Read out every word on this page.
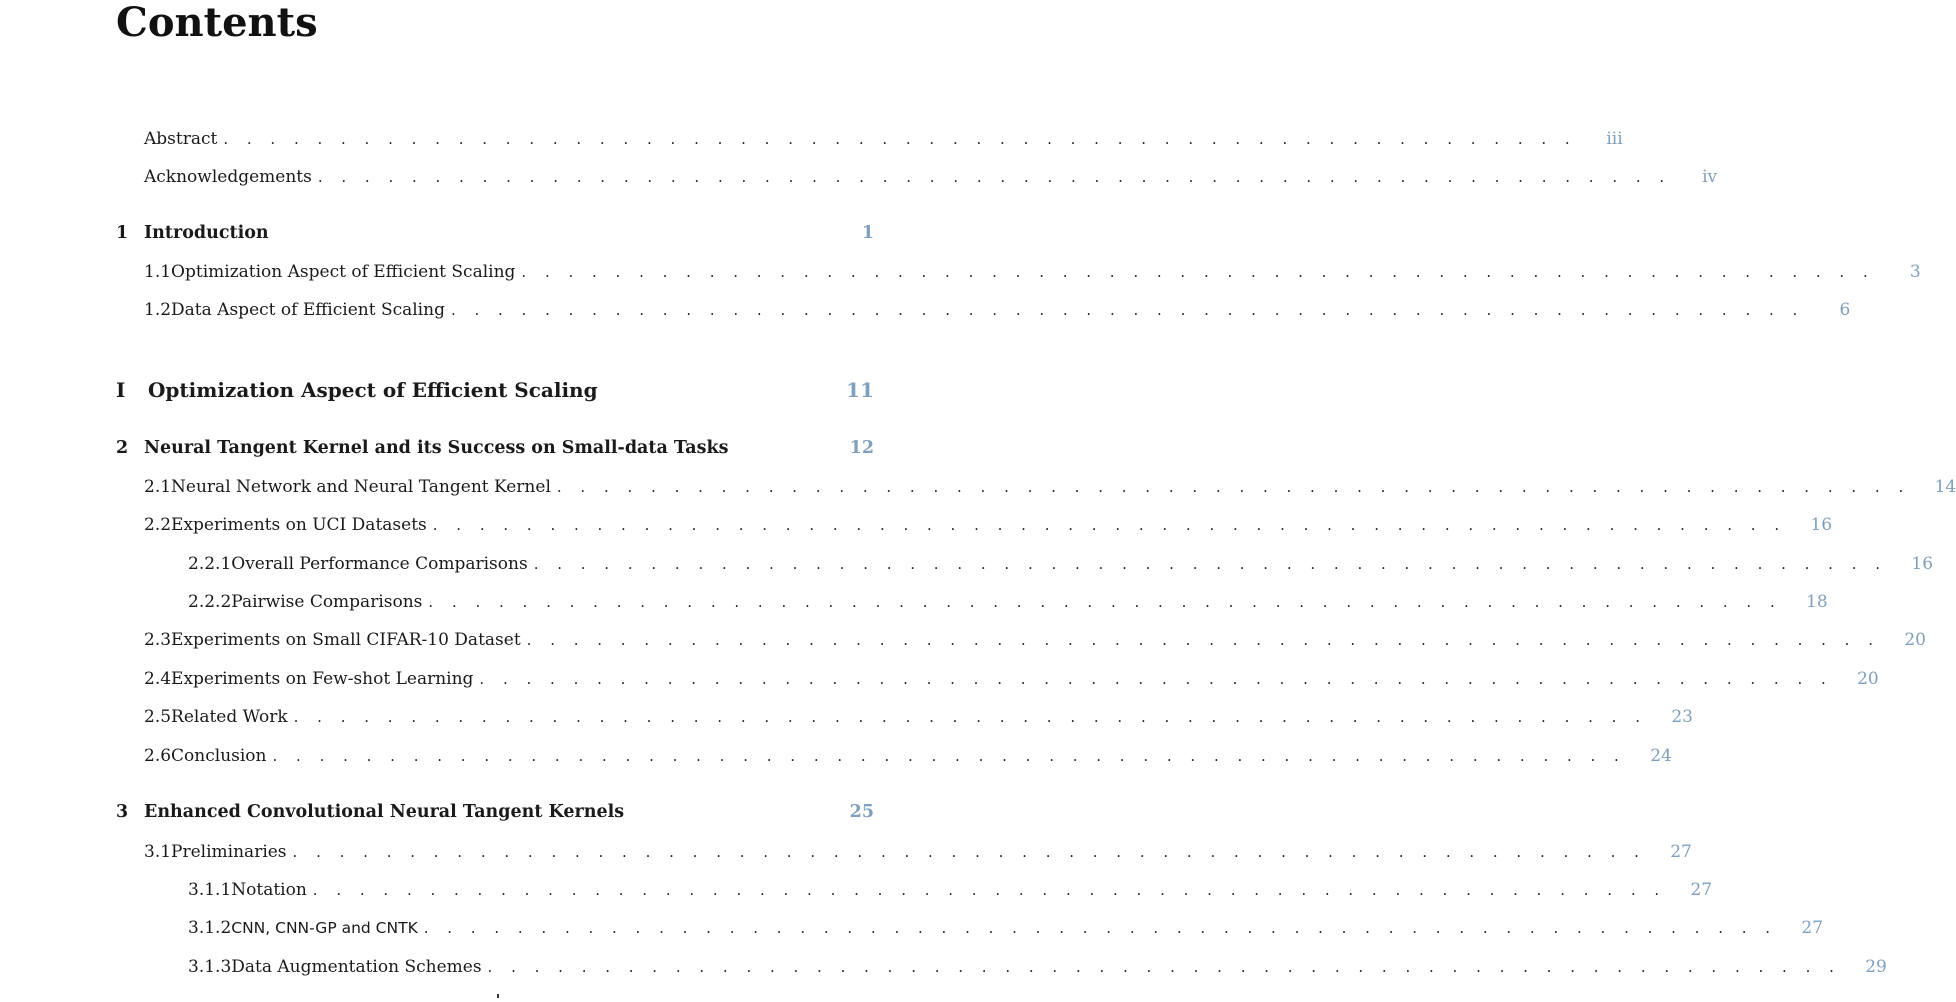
Contents
Abstract . . . . . . . . . . . . . . . . . . . . . . . . . . . . . . . . . . . . . . . . . . . . . . . . . . . . . . . . . .	iii
Acknowledgements . . . . . . . . . . . . . . . . . . . . . . . . . . . . . . . . . . . . . . . . . . . . . . . . . . . . . . . . . .	iv
1 Introduction	1
1.1 Optimization Aspect of Efficient Scaling . . . . . . . . . . . . . . . . . . . . . . . . . . . . . . . . . . . . . . . . . . . . . . . . . . . . . . . . . .	3
1.2 Data Aspect of Efficient Scaling . . . . . . . . . . . . . . . . . . . . . . . . . . . . . . . . . . . . . . . . . . . . . . . . . . . . . . . . . .	6
I	Optimization Aspect of Efficient Scaling	11
2 Neural Tangent Kernel and its Success on Small-data Tasks	12
2.1 Neural Network and Neural Tangent Kernel . . . . . . . . . . . . . . . . . . . . . . . . . . . . . . . . . . . . . . . . . . . . . . . . . . . . . . . . . .	14
2.2 Experiments on UCI Datasets . . . . . . . . . . . . . . . . . . . . . . . . . . . . . . . . . . . . . . . . . . . . . . . . . . . . . . . . . .	16
2.2.1 Overall Performance Comparisons . . . . . . . . . . . . . . . . . . . . . . . . . . . . . . . . . . . . . . . . . . . . . . . . . . . . . . . . . .	16
2.2.2 Pairwise Comparisons . . . . . . . . . . . . . . . . . . . . . . . . . . . . . . . . . . . . . . . . . . . . . . . . . . . . . . . . . .	18
2.3 Experiments on Small CIFAR-10 Dataset . . . . . . . . . . . . . . . . . . . . . . . . . . . . . . . . . . . . . . . . . . . . . . . . . . . . . . . . . .	20
2.4 Experiments on Few-shot Learning . . . . . . . . . . . . . . . . . . . . . . . . . . . . . . . . . . . . . . . . . . . . . . . . . . . . . . . . . .	20
2.5 Related Work . . . . . . . . . . . . . . . . . . . . . . . . . . . . . . . . . . . . . . . . . . . . . . . . . . . . . . . . . .	23
2.6 Conclusion . . . . . . . . . . . . . . . . . . . . . . . . . . . . . . . . . . . . . . . . . . . . . . . . . . . . . . . . . .	24
3 Enhanced Convolutional Neural Tangent Kernels	25
3.1 Preliminaries . . . . . . . . . . . . . . . . . . . . . . . . . . . . . . . . . . . . . . . . . . . . . . . . . . . . . . . . . .	27
3.1.1 Notation . . . . . . . . . . . . . . . . . . . . . . . . . . . . . . . . . . . . . . . . . . . . . . . . . . . . . . . . . .	27
3.1.2 CNN, CNN-GP and CNTK . . . . . . . . . . . . . . . . . . . . . . . . . . . . . . . . . . . . . . . . . . . . . . . . . . . . . . . . . .	27
3.1.3 Data Augmentation Schemes . . . . . . . . . . . . . . . . . . . . . . . . . . . . . . . . . . . . . . . . . . . . . . . . . . . . . . . . . .	29
